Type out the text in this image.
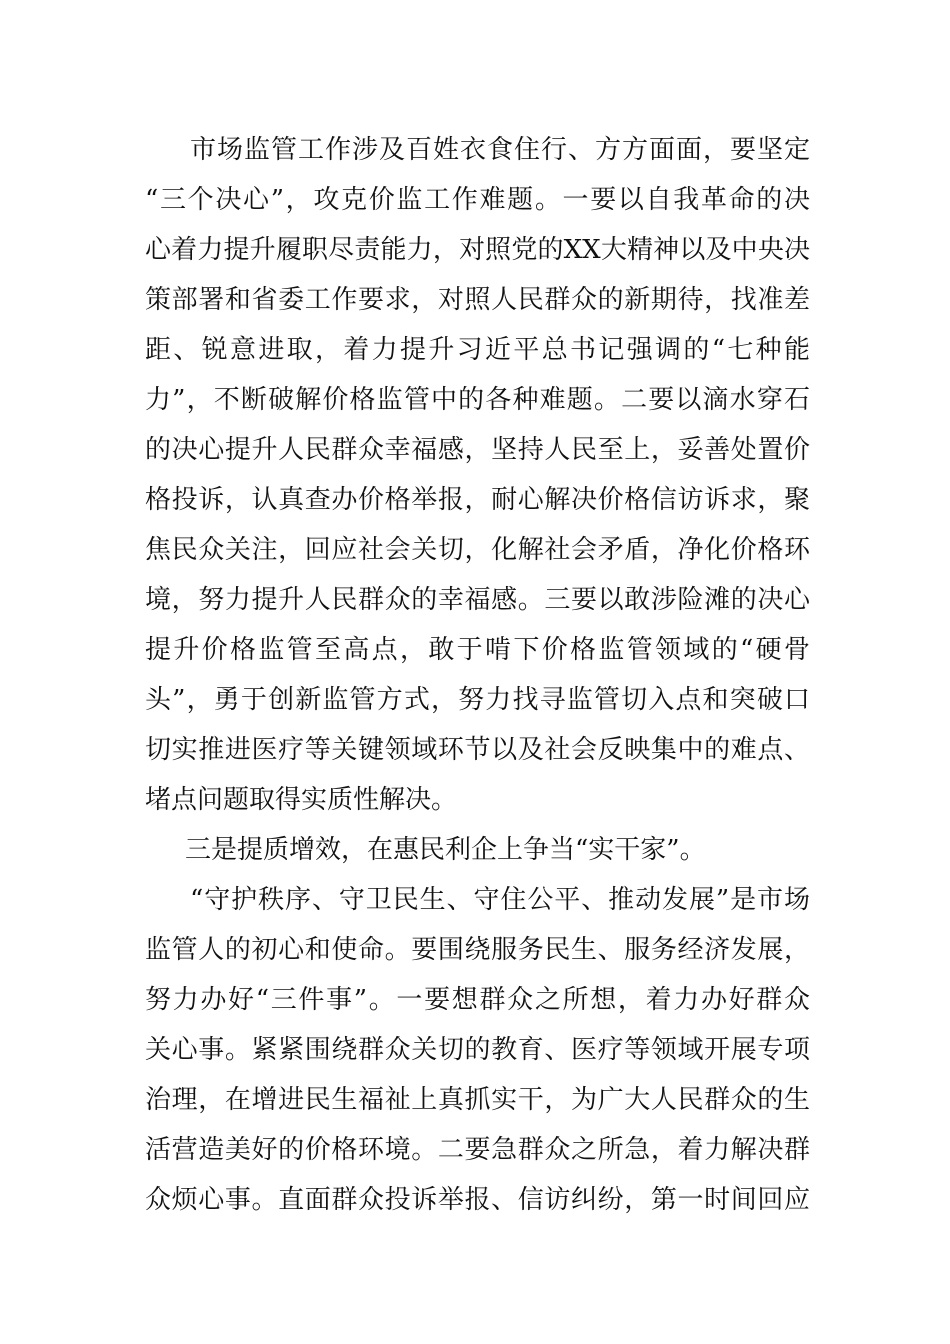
市场监管工作涉及百姓衣食住行、方方面面，要坚定
“三个决心”，攻克价监工作难题。一要以自我革命的决
心着力提升履职尽责能力，对照党的XX大精神以及中央决
策部署和省委工作要求，对照人民群众的新期待，找准差
距、锐意进取，着力提升习近平总书记强调的“七种能
力”，不断破解价格监管中的各种难题。二要以滴水穿石
的决心提升人民群众幸福感，坚持人民至上，妥善处置价
格投诉，认真查办价格举报，耐心解决价格信访诉求，聚
焦民众关注，回应社会关切，化解社会矛盾，净化价格环
境，努力提升人民群众的幸福感。三要以敢涉险滩的决心
提升价格监管至高点，敢于啃下价格监管领域的“硬骨
头”，勇于创新监管方式，努力找寻监管切入点和突破口
切实推进医疗等关键领域环节以及社会反映集中的难点、
堵点问题取得实质性解决。
三是提质增效，在惠民利企上争当“实干家”。
“守护秩序、守卫民生、守住公平、推动发展”是市场
监管人的初心和使命。要围绕服务民生、服务经济发展，
努力办好“三件事”。一要想群众之所想，着力办好群众
关心事。紧紧围绕群众关切的教育、医疗等领域开展专项
治理，在增进民生福祉上真抓实干，为广大人民群众的生
活营造美好的价格环境。二要急群众之所急，着力解决群
众烦心事。直面群众投诉举报、信访纠纷，第一时间回应
